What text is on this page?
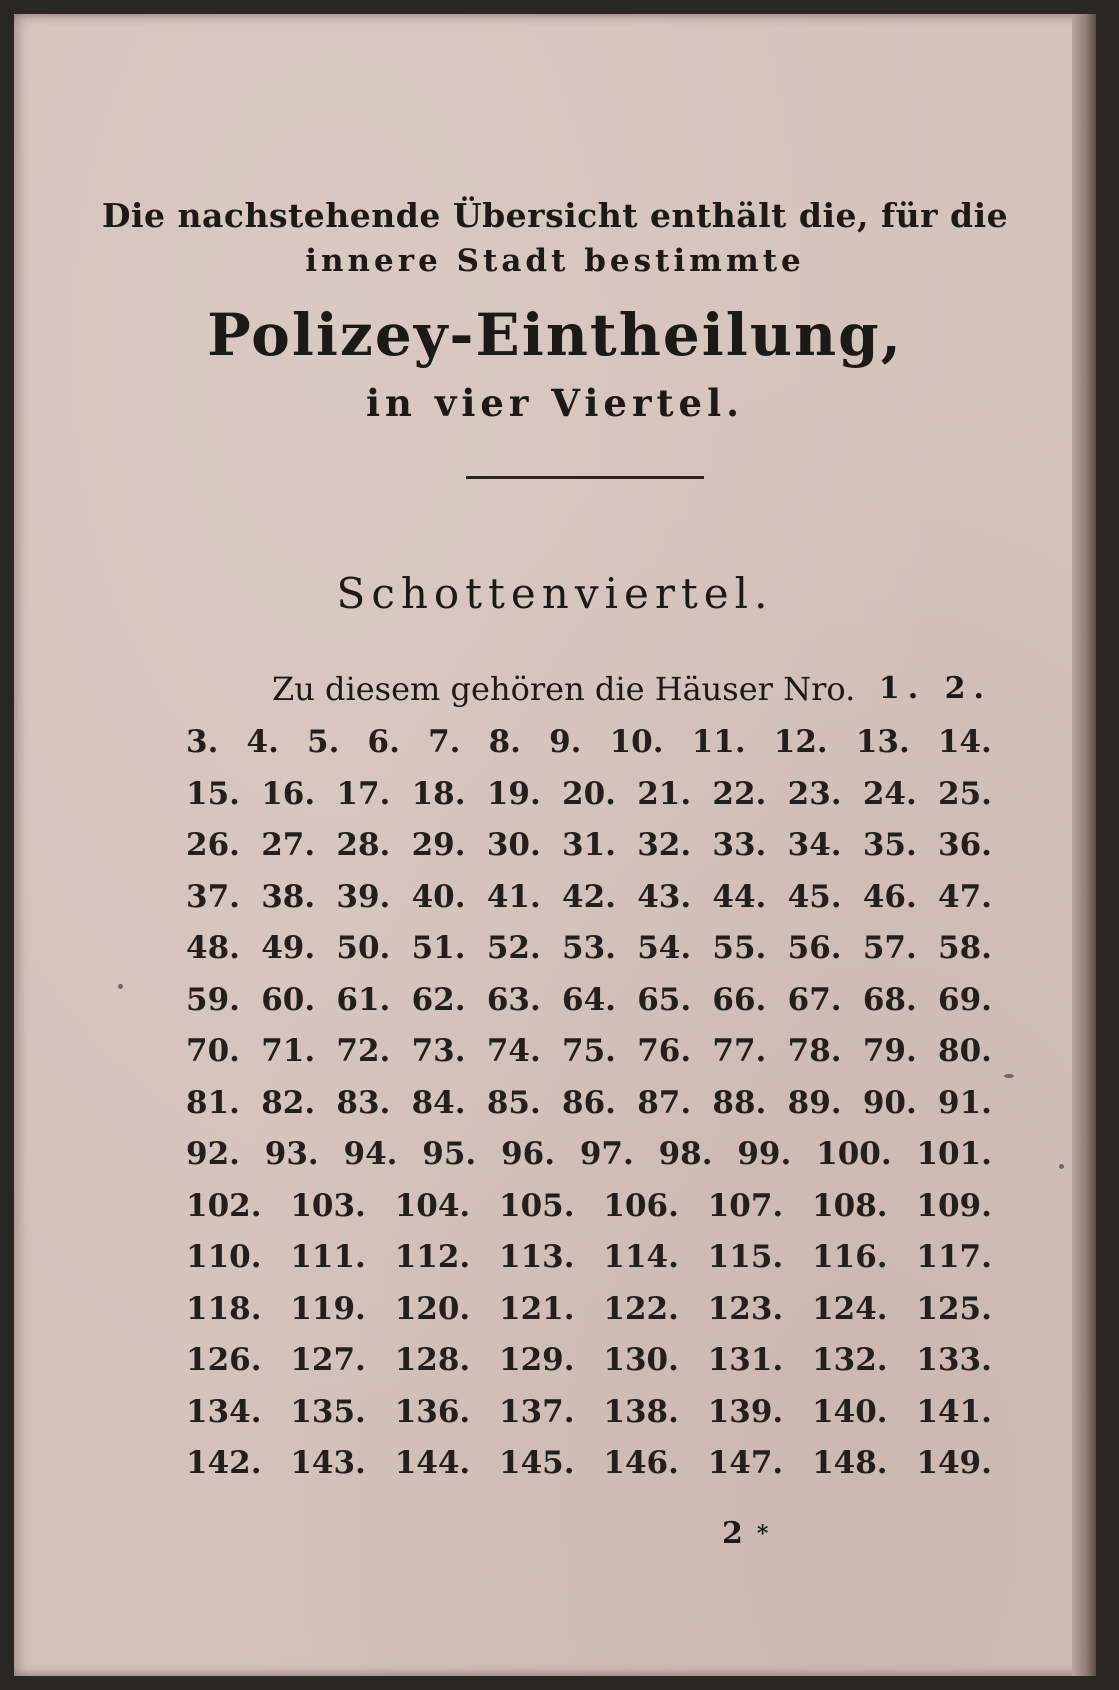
Die nachstehende Übersicht enthält die, für die
innere Stadt bestimmte
Polizey-Eintheilung,
in vier Viertel.
Schottenviertel.
Zu diesem gehören die Häuser Nro. 1. 2.
3. 4. 5. 6. 7. 8. 9. 10. 11. 12. 13. 14.
15. 16. 17. 18. 19. 20. 21. 22. 23. 24. 25.
26. 27. 28. 29. 30. 31. 32. 33. 34. 35. 36.
37. 38. 39. 40. 41. 42. 43. 44. 45. 46. 47.
48. 49. 50. 51. 52. 53. 54. 55. 56. 57. 58.
59. 60. 61. 62. 63. 64. 65. 66. 67. 68. 69.
70. 71. 72. 73. 74. 75. 76. 77. 78. 79. 80.
81. 82. 83. 84. 85. 86. 87. 88. 89. 90. 91.
92. 93. 94. 95. 96. 97. 98. 99. 100. 101.
102. 103. 104. 105. 106. 107. 108. 109.
110. 111. 112. 113. 114. 115. 116. 117.
118. 119. 120. 121. 122. 123. 124. 125.
126. 127. 128. 129. 130. 131. 132. 133.
134. 135. 136. 137. 138. 139. 140. 141.
142. 143. 144. 145. 146. 147. 148. 149.
2 *
